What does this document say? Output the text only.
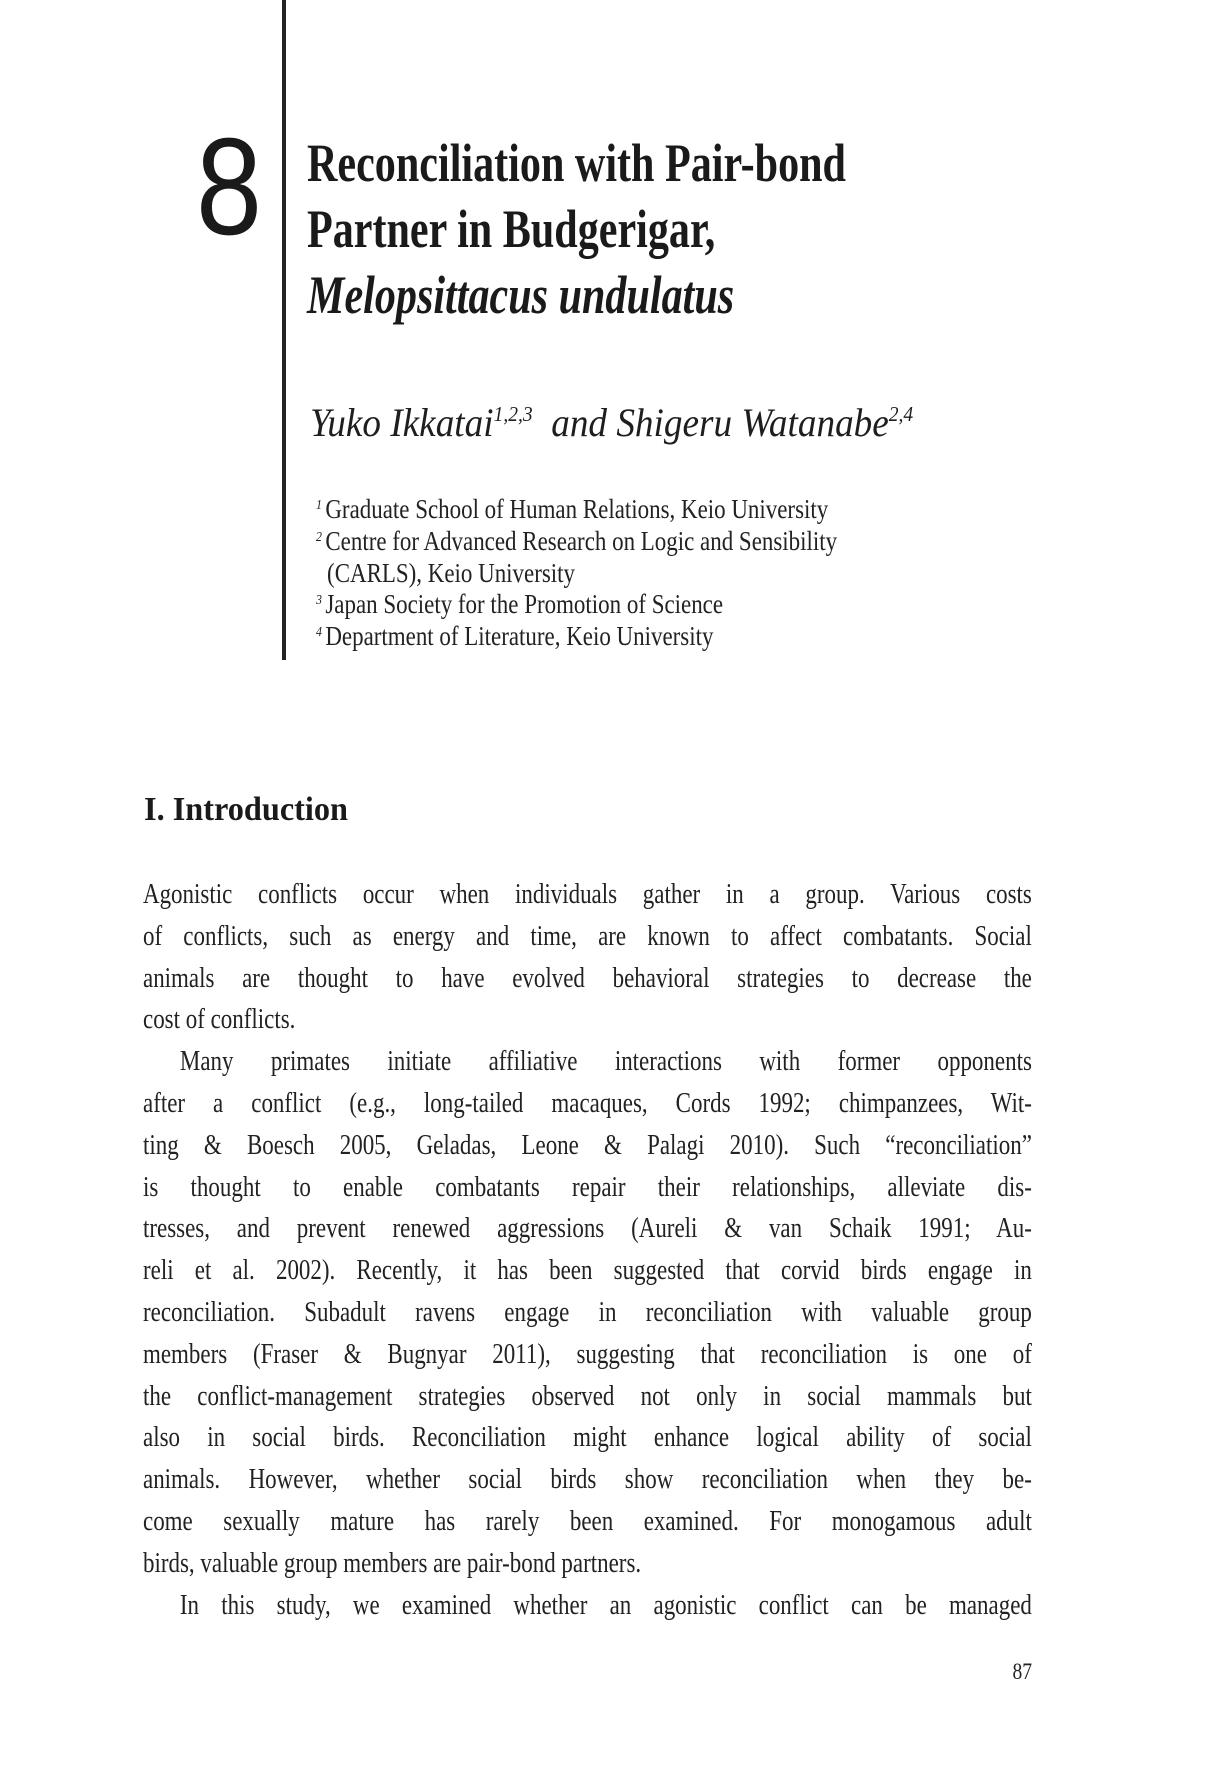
8 Reconciliation with Pair-bond
Partner in Budgerigar,
Melopsittacus undulatus
Yuko Ikkatai$^{1,2,3}$ and Shigeru Watanabe$^{2,4}$
$^1$ Graduate School of Human Relations, Keio University
$^2$ Centre for Advanced Research on Logic and Sensibility
(CARLS), Keio University
$^3$ Japan Society for the Promotion of Science
$^4$ Department of Literature, Keio University
I. Introduction
Agonistic conflicts occur when individuals gather in a group. Various costs
of conflicts, such as energy and time, are known to affect combatants. Social
animals are thought to have evolved behavioral strategies to decrease the
cost of conflicts.
Many primates initiate affiliative interactions with former opponents
after a conflict (e.g., long-tailed macaques, Cords 1992; chimpanzees, Wit-
ting & Boesch 2005, Geladas, Leone & Palagi 2010). Such “reconciliation”
is thought to enable combatants repair their relationships, alleviate dis-
tresses, and prevent renewed aggressions (Aureli & van Schaik 1991; Au-
reli et al. 2002). Recently, it has been suggested that corvid birds engage in
reconciliation. Subadult ravens engage in reconciliation with valuable group
members (Fraser & Bugnyar 2011), suggesting that reconciliation is one of
the conflict-management strategies observed not only in social mammals but
also in social birds. Reconciliation might enhance logical ability of social
animals. However, whether social birds show reconciliation when they be-
come sexually mature has rarely been examined. For monogamous adult
birds, valuable group members are pair-bond partners.
In this study, we examined whether an agonistic conflict can be managed
87
